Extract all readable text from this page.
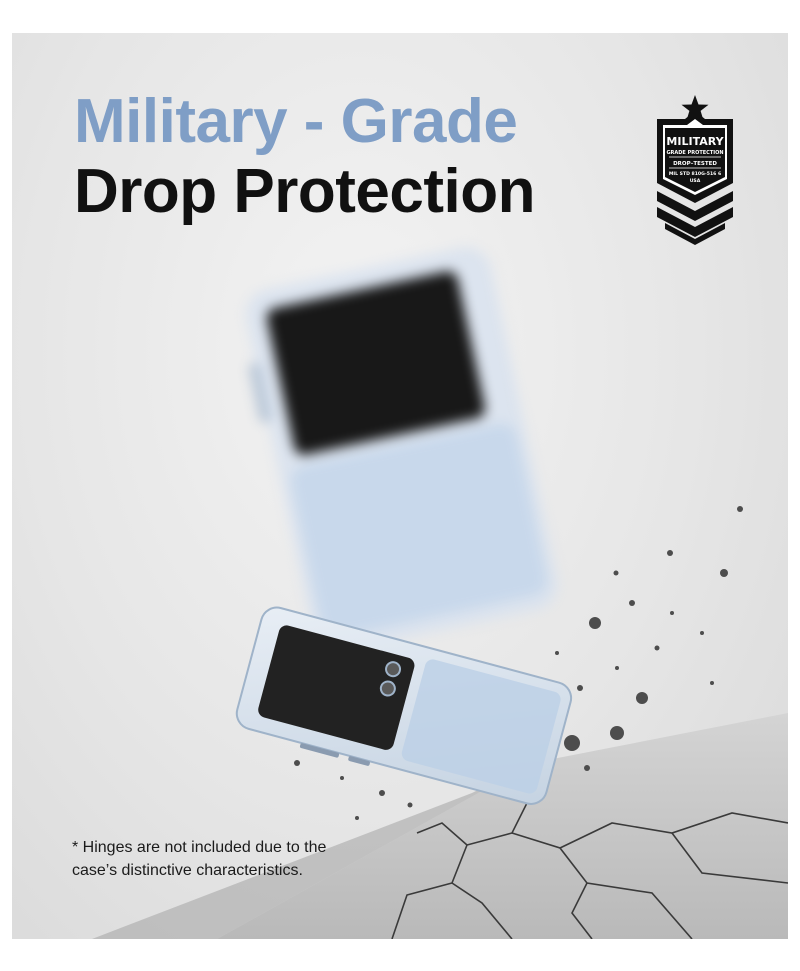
Military - Grade
Drop Protection
MILITARY
GRADE PROTECTION
DROP–TESTED
MIL STD 810G-516 6
USA

* Hinges are not included due to the
case’s distinctive characteristics.
